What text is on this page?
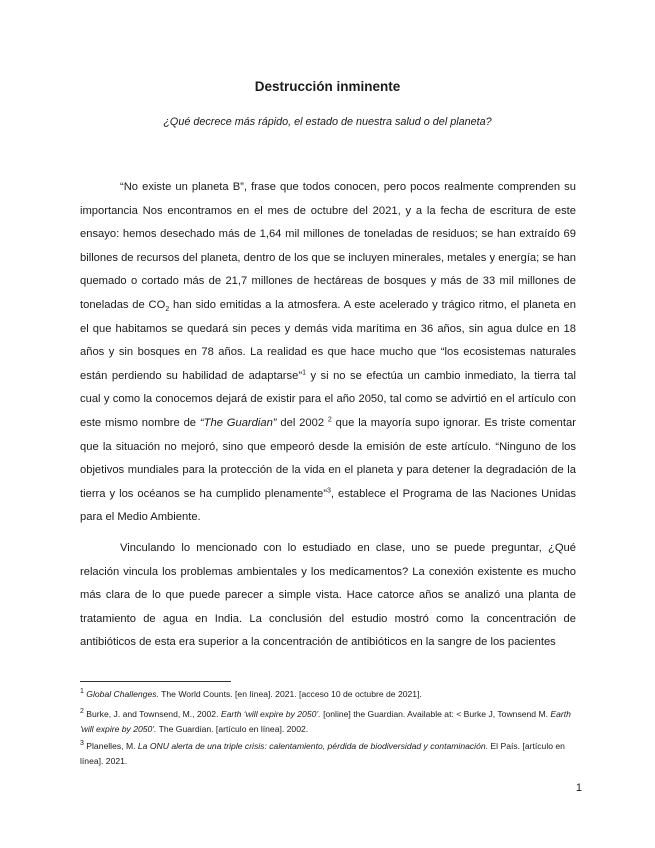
Destrucción inminente
¿Qué decrece más rápido, el estado de nuestra salud o del planeta?

“No existe un planeta B”, frase que todos conocen, pero pocos realmente comprenden su importancia Nos encontramos en el mes de octubre del 2021, y a la fecha de escritura de este ensayo: hemos desechado más de 1,64 mil millones de toneladas de residuos; se han extraído 69 billones de recursos del planeta, dentro de los que se incluyen minerales, metales y energía; se han quemado o cortado más de 21,7 millones de hectáreas de bosques y más de 33 mil millones de toneladas de $CO_2$ han sido emitidas a la atmosfera. A este acelerado y trágico ritmo, el planeta en el que habitamos se quedará sin peces y demás vida marítima en 36 años, sin agua dulce en 18 años y sin bosques en 78 años. La realidad es que hace mucho que “los ecosistemas naturales están perdiendo su habilidad de adaptarse”$^1$ y si no se efectúa un cambio inmediato, la tierra tal cual y como la conocemos dejará de existir para el año 2050, tal como se advirtió en el artículo con este mismo nombre de “The Guardian” del 2002 $^2$ que la mayoría supo ignorar. Es triste comentar que la situación no mejoró, sino que empeoró desde la emisión de este artículo. “Ninguno de los objetivos mundiales para la protección de la vida en el planeta y para detener la degradación de la tierra y los océanos se ha cumplido plenamente”$^3$, establece el Programa de las Naciones Unidas para el Medio Ambiente.

Vinculando lo mencionado con lo estudiado en clase, uno se puede preguntar, ¿Qué relación vincula los problemas ambientales y los medicamentos? La conexión existente es mucho más clara de lo que puede parecer a simple vista. Hace catorce años se analizó una planta de tratamiento de agua en India. La conclusión del estudio mostró como la concentración de antibióticos de esta era superior a la concentración de antibióticos en la sangre de los pacientes

$^1$ Global Challenges. The World Counts. [en línea]. 2021. [acceso 10 de octubre de 2021].

$^2$ Burke, J. and Townsend, M., 2002. Earth ‘will expire by 2050’. [online] the Guardian. Available at: < Burke J, Townsend M. Earth 'will expire by 2050'. The Guardian. [artículo en línea]. 2002.

$^3$ Planelles, M. La ONU alerta de una triple crisis: calentamiento, pérdida de biodiversidad y contaminación. El País. [artículo en línea]. 2021.

1
